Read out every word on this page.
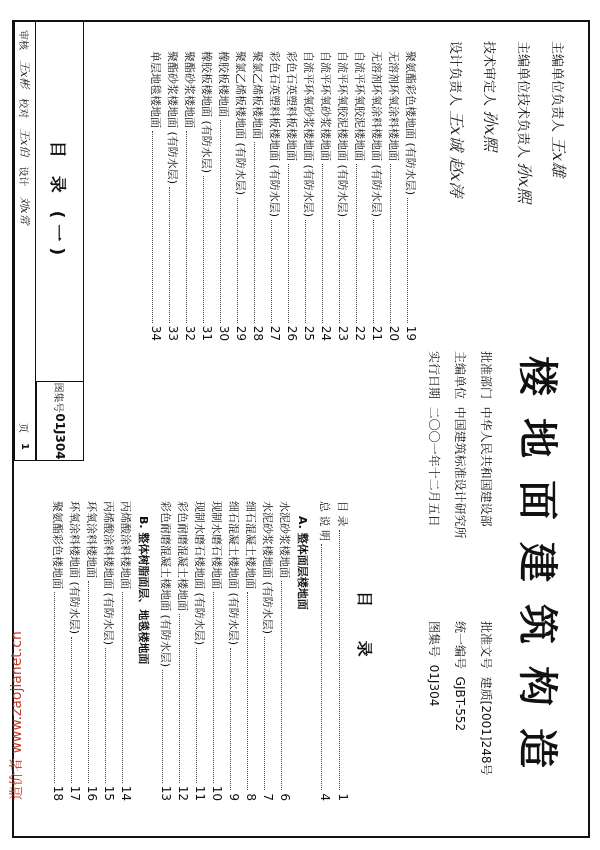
楼地面建筑构造
批准部门  中华人民共和国建设部
主编单位  中国建筑标准设计研究所
实行日期  二〇〇一年十二月五日
批准文号  建质[2001]248号
统一编号  GJBT-552
图集号  01J304
主编单位负责人 王x雄
主编单位技术负责人 孙x熙
技术审定人 孙x熙
设计负责人 王x诚 赵x涛
目 录
目 录
1
总 说 明
4
A. 整体面层楼地面
水泥砂浆楼地面
6
水泥砂浆楼地面 (有防水层)
7
细石混凝土楼地面
8
细石混凝土楼地面 (有防水层)
9
现制水磨石楼地面
10
现制水磨石楼地面 (有防水层)
11
彩色耐磨混凝土楼地面
12
彩色耐磨混凝土楼地面 (有防水层)
13
B. 整体树脂面层、地毯楼地面
丙烯酸涂料楼地面
14
丙烯酸涂料楼地面 (有防水层)
15
环氧涂料楼地面
16
环氧涂料楼地面 (有防水层)
17
聚氨酯彩色楼地面
18
聚氨酯彩色楼地面 (有防水层)
19
无溶剂环氧涂料楼地面
20
无溶剂环氧涂料楼地面 (有防水层)
21
自流平环氧胶泥楼地面
22
自流平环氧胶泥楼地面 (有防水层)
23
自流平环氧砂浆楼地面
24
自流平环氧砂浆楼地面 (有防水层)
25
彩色石英塑料板楼地面
26
彩色石英塑料板楼地面 (有防水层)
27
聚氯乙烯板楼地面
28
聚氯乙烯板楼地面 (有防水层)
29
橡胶板楼地面
30
橡胶板楼地面 (有防水层)
31
聚酯砂浆楼地面
32
聚酯砂浆楼地面 (有防水层)
33
单层地毯楼地面
34
目 录 (一)
图集号
01J304
审核
王x彬
校对
王x伯
设计
刘x常
页
1
造价者 www.zaojianet.cn
